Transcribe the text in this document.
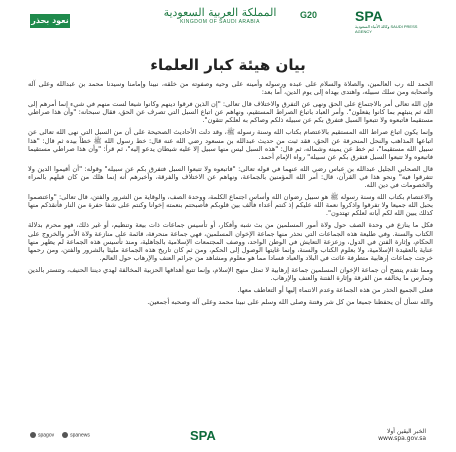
نعود بحذر
المملكة العربية السعودية
KINGDOM OF SAUDI ARABIA
G20	SPA
وكالة الأنباء السعودية SAUDI PRESS AGENCY
بيان هيئة كبار العلماء

الحمد لله رب العالمين، والصلاة والسلام على عبده ورسوله وأمينه على وحيه وصفوته من خلقه، نبينا وإمامنا وسيدنا محمد بن عبدالله وعلى آله وأصحابه ومن سلك سبيله، واهتدى بهداه إلى يوم الدين، أما بعد:

فإن الله تعالى أمر بالاجتماع على الحق ونهى عن التفرق والاختلاف قال تعالى: "إن الذين فرقوا دينهم وكانوا شيعا لست منهم في شيء إنما أمرهم إلى الله ثم ينبئهم بما كانوا يفعلون". وأمر العباد باتباع الصراط المستقيم، ونهاهم عن اتباع السبل التي تصرف عن الحق، فقال سبحانه: "وأن هذا صراطي مستقيما فاتبعوه ولا تتبعوا السبل فتفرق بكم عن سبيله ذلكم وصاكم به لعلكم تتقون".

وإنما يكون اتباع صراط الله المستقيم بالاعتصام بكتاب الله وسنة رسوله ﷺ، وقد دلت الأحاديث الصحيحة على أن من السبل التي نهى الله تعالى عن اتباعها المذاهب والنحل المنحرفة عن الحق، فقد ثبت من حديث عبدالله بن مسعود رضي الله عنه قال: خط رسول الله ﷺ خطاً بيده ثم قال: "هذا سبيل الله مستقيما"، ثم خط عن يمينه وشماله، ثم قال: "هذه السبل ليس منها سبيل إلا عليه شيطان يدعو إليه"، ثم قرأ: "وأن هذا صراطي مستقيما فاتبعوه ولا تتبعوا السبل فتفرق بكم عن سبيله" رواه الإمام أحمد.

قال الصحابي الجليل عبدالله بن عباس رضي الله عنهما في قوله تعالى: "فاتبعوه ولا تتبعوا السبل فتفرق بكم عن سبيله" وقوله: "أن أقيموا الدين ولا تتفرقوا فيه" ونحو هذا في القرآن، قال: أمر الله المؤمنين بالجماعة، ونهاهم عن الاختلاف والفرقة، وأخبرهم أنه إنما هلك من كان قبلهم بالمراء والخصومات في دين الله.

والاعتصام بكتاب الله وسنة رسوله ﷺ هو سبيل رضوان الله وأساس اجتماع الكلمة، ووحدة الصف، والوقاية من الشرور والفتن، قال تعالى: "واعتصموا بحبل الله جميعا ولا تفرقوا واذكروا نعمة الله عليكم إذ كنتم أعداء فألف بين قلوبكم فأصبحتم بنعمته إخوانا وكنتم على شفا حفرة من النار فأنقذكم منها كذلك يبين الله لكم آياته لعلكم تهتدون".

فكل ما ينازع في وحدة الصف حول ولاة أمور المسلمين من بث شبه وأفكار، أو تأسيس جماعات ذات بيعة وتنظيم، أو غير ذلك، فهو محرم بدلالة الكتاب والسنة. وفي طليعة هذه الجماعات التي نحذر منها جماعة الإخوان المسلمين، فهي جماعة منحرفة، قائمة على منازعة ولاة الأمر والخروج على الحكام، وإثارة الفتن في الدول، وزعزعة التعايش في الوطن الواحد، ووصف المجتمعات الإسلامية بالجاهلية، ومنذ تأسيس هذه الجماعة لم يظهر منها عناية بالعقيدة الإسلامية، ولا بعلوم الكتاب والسنة، وإنما غايتها الوصول إلى الحكم، ومن ثم كان تاريخ هذه الجماعة مليئا بالشرور والفتن، ومن رحمها خرجت جماعات إرهابية متطرفة عاثت في البلاد والعباد فسادا مما هو معلوم ومشاهد من جرائم العنف والإرهاب حول العالم.

ومما تقدم يتضح أن جماعة الإخوان المسلمين جماعة إرهابية لا تمثل منهج الإسلام، وإنما تتبع أهدافها الحزبية المخالفة لهدي ديننا الحنيف، وتتستر بالدين وتمارس ما يخالفه من الفرقة وإثارة الفتنة والعنف والإرهاب.

فعلى الجميع الحذر من هذه الجماعة وعدم الانتماء إليها أو التعاطف معها.

والله نسأل أن يحفظنا جميعا من كل شر وفتنة وصلى الله وسلم على نبينا محمد وعلى آله وصحبه أجمعين.

spagov	spanews	SPA	الخبر اليقين أولا
www.spa.gov.sa
